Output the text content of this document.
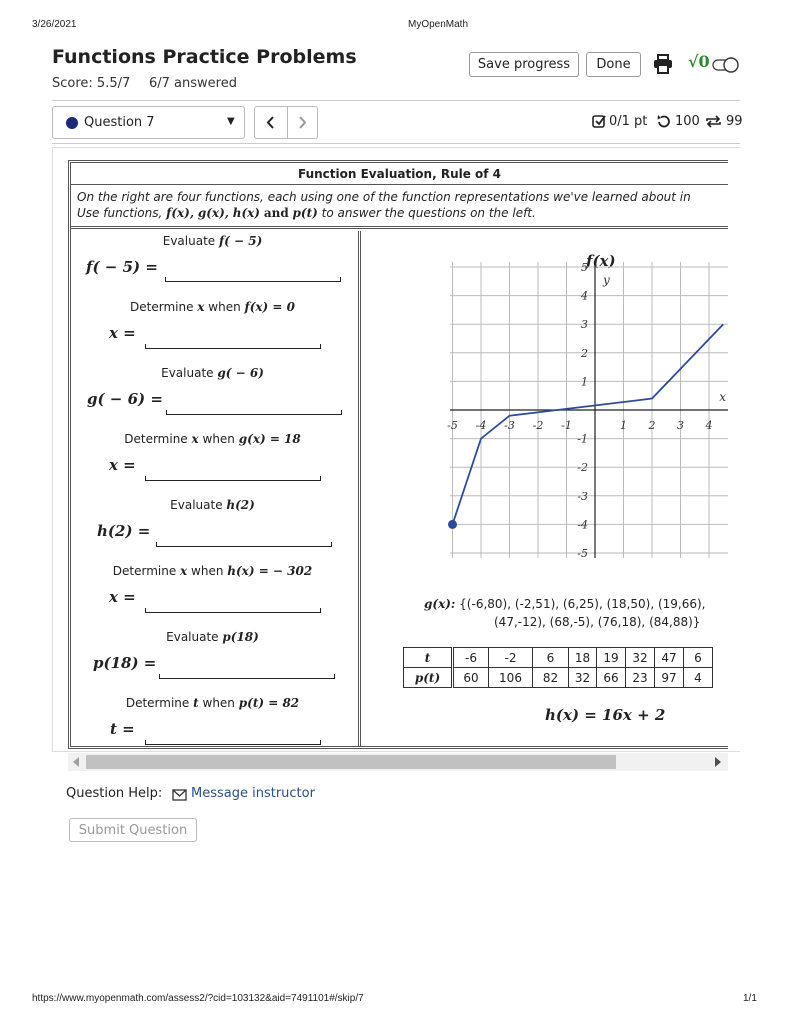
3/26/2021	MyOpenMath
Functions Practice Problems
Score: 5.5/7 6/7 answered
Save progress	Done	√0
Question 7	▼	0/1 pt 100 99
Function Evaluation, Rule of 4
On the right are four functions, each using one of the function representations we've learned about in
Use functions, f(x), g(x), h(x) and p(t) to answer the questions on the left.
Evaluate f( − 5)
f( − 5) =
Determine x when f(x) = 0
x =
Evaluate g( − 6)
g( − 6) =
Determine x when g(x) = 18
x =
Evaluate h(2)
h(2) =
Determine x when h(x) = − 302
x =
Evaluate p(18)
p(18) =
Determine t when p(t) = 82
t =
f(x)
-5 -4 -3 -2 -1	1 2 3 4
5
4
3
2
1
-1
-2
-3
-4
-5
x
y
g(x): {(-6,80), (-2,51), (6,25), (18,50), (19,66),
(47,-12), (68,-5), (76,18), (84,88)}
t	-6	-2	6	18	19	32	47	6
p(t)	60	106	82	32	66	23	97	4
h(x) = 16x + 2
Question Help: Message instructor
Submit Question
https://www.myopenmath.com/assess2/?cid=103132&aid=7491101#/skip/7	1/1
